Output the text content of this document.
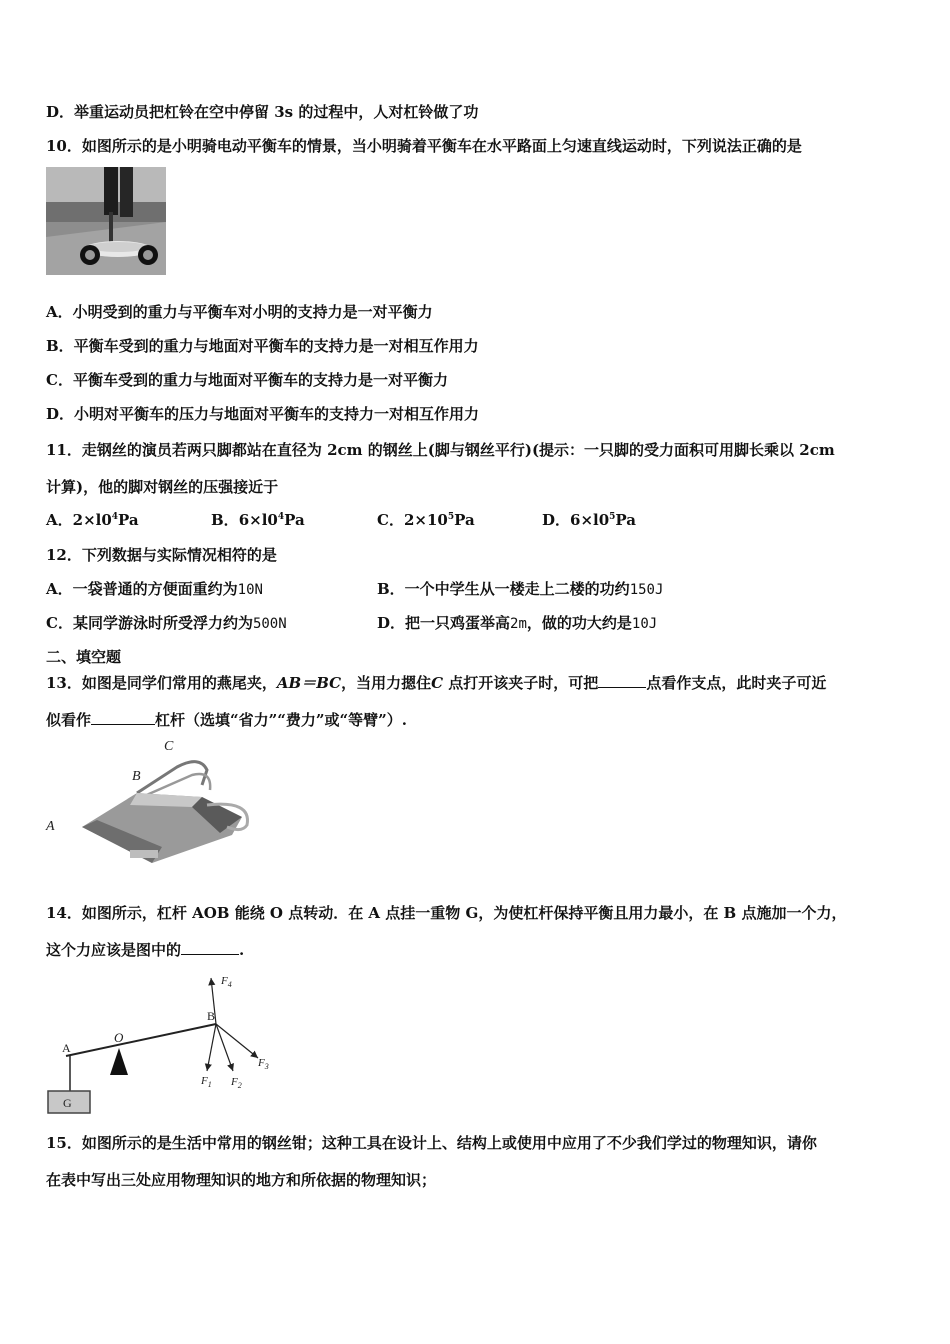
D．举重运动员把杠铃在空中停留 3s 的过程中，人对杠铃做了功
10．如图所示的是小明骑电动平衡车的情景，当小明骑着平衡车在水平路面上匀速直线运动时，下列说法正确的是
A．小明受到的重力与平衡车对小明的支持力是一对平衡力
B．平衡车受到的重力与地面对平衡车的支持力是一对相互作用力
C．平衡车受到的重力与地面对平衡车的支持力是一对平衡力
D．小明对平衡车的压力与地面对平衡车的支持力一对相互作用力
11．走钢丝的演员若两只脚都站在直径为 2cm 的钢丝上(脚与钢丝平行)(提示：一只脚的受力面积可用脚长乘以 2cm
计算)，他的脚对钢丝的压强接近于
A．$2\times l0^4Pa$	B．$6\times l0^4Pa$	C．$2\times 10^5Pa$	D．$6\times l0^5Pa$
12．下列数据与实际情况相符的是
A．一袋普通的方便面重约为10N	B．一个中学生从一楼走上二楼的功约150J
C．某同学游泳时所受浮力约为500N	D．把一只鸡蛋举高2m，做的功大约是10J
二、填空题
13．如图是同学们常用的燕尾夹，AB＝BC，当用力摁住C 点打开该夹子时，可把	点看作支点，此时夹子可近
似看作	杠杆（选填“省力”“费力”或“等臂”）.
C
B
A
14．如图所示，杠杆 AOB 能绕 O 点转动．在 A 点挂一重物 G，为使杠杆保持平衡且用力最小，在 B 点施加一个力，
这个力应该是图中的	.
G
A
O
B
$F_4$
$F_1$ $F_2$
$F_3$
15．如图所示的是生活中常用的钢丝钳；这种工具在设计上、结构上或使用中应用了不少我们学过的物理知识，请你
在表中写出三处应用物理知识的地方和所依据的物理知识；
